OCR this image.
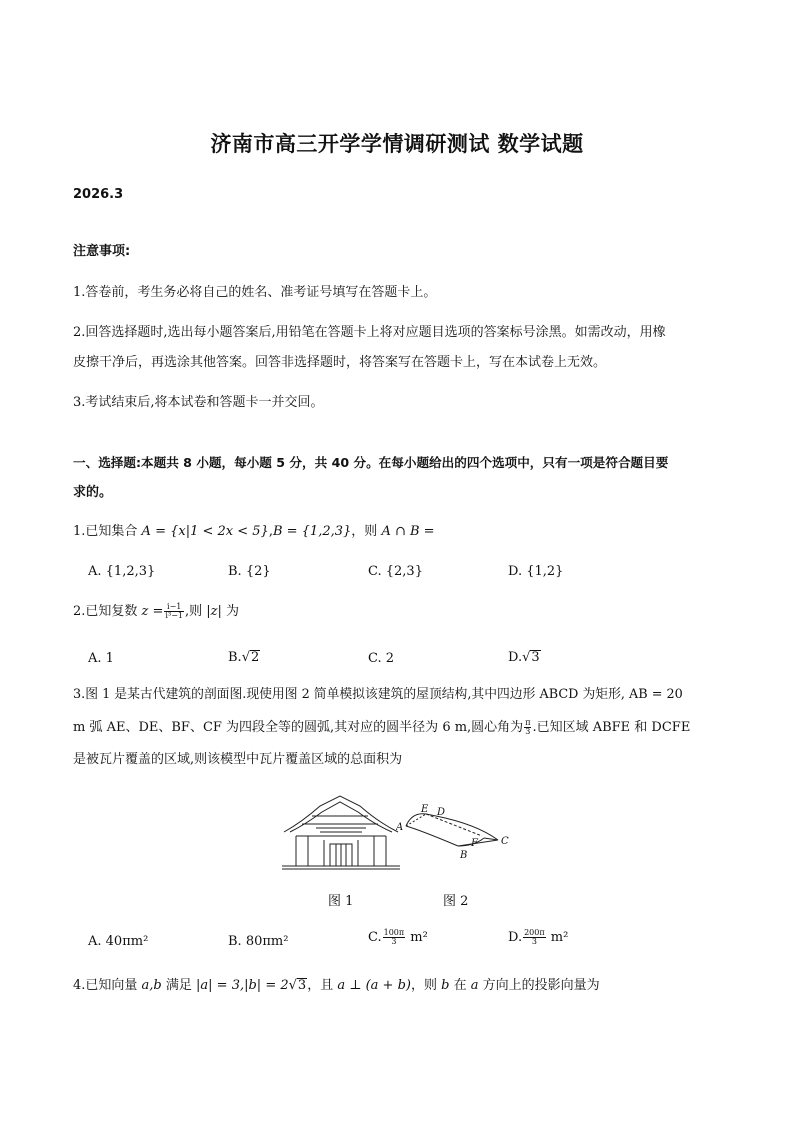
济南市高三开学学情调研测试 数学试题
2026.3
注意事项:
1.答卷前，考生务必将自己的姓名、准考证号填写在答题卡上。
2.回答选择题时,选出每小题答案后,用铅笔在答题卡上将对应题目选项的答案标号涂黑。如需改动，用橡
皮擦干净后，再选涂其他答案。回答非选择题时，将答案写在答题卡上，写在本试卷上无效。
3.考试结束后,将本试卷和答题卡一并交回。
一、选择题:本题共 8 小题，每小题 5 分，共 40 分。在每小题给出的四个选项中，只有一项是符合题目要
求的。
1.已知集合 A = {x|1 < 2x < 5},B = {1,2,3}，则 A ∩ B =
A. {1,2,3}	B. {2}	C. {2,3}	D. {1,2}
2.已知复数 $z = \frac{i-1}{\text{i³−1}}$ ,则 |z| 为
A. 1	B.√2	C. 2	D.√3
3.图 1 是某古代建筑的剖面图.现使用图 2 简单模拟该建筑的屋顶结构,其中四边形 ABCD 为矩形, AB = 20
m 弧 AE、DE、BF、CF 为四段全等的圆弧,其对应的圆半径为 6 m,圆心角为 $\frac{\pi}{3}$ .已知区域 ABFE 和 DCFE
是被瓦片覆盖的区域,则该模型中瓦片覆盖区域的总面积为
A
E D
B
F C
图 1	图 2
A. 40πm²	B. 80πm²	C. $\frac{100\pi}{3} m^2$	D. $\frac{200\pi}{3} m^2$
4.已知向量 a,b 满足 |a| = 3,|b| = 2√3，且 a ⊥ (a + b)，则 b 在 a 方向上的投影向量为
